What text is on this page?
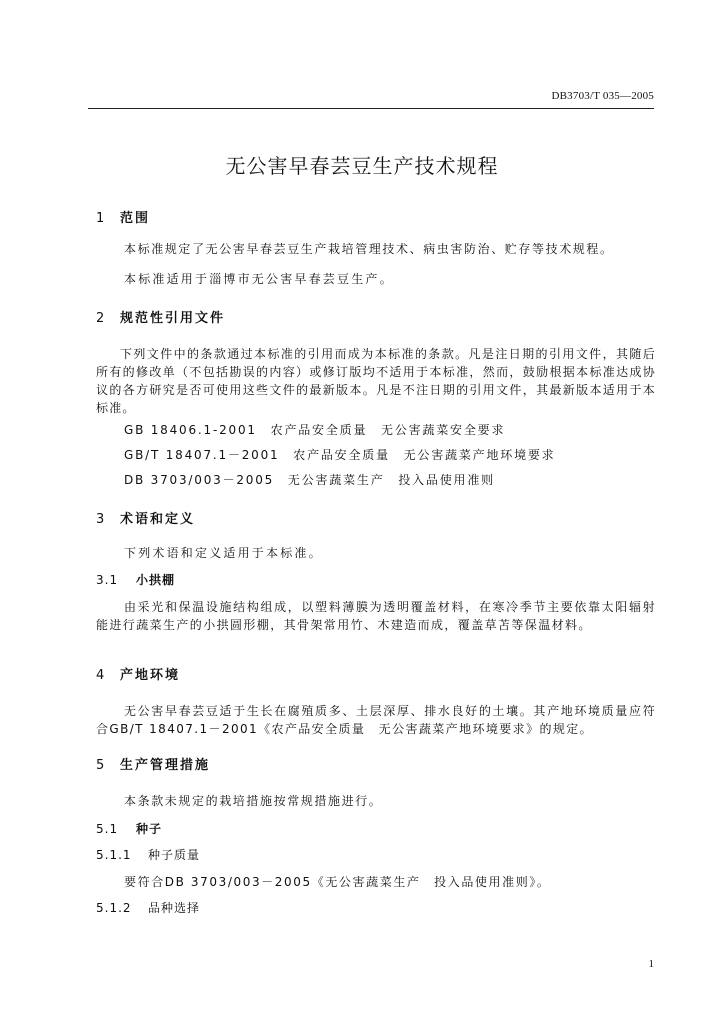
DB3703/T 035—2005
无公害早春芸豆生产技术规程
1 范围
本标准规定了无公害早春芸豆生产栽培管理技术、病虫害防治、贮存等技术规程。
本标准适用于淄博市无公害早春芸豆生产。
2 规范性引用文件
下列文件中的条款通过本标准的引用而成为本标准的条款。凡是注日期的引用文件，其随后所有的修改单（不包括勘误的内容）或修订版均不适用于本标准，然而，鼓励根据本标准达成协议的各方研究是否可使用这些文件的最新版本。凡是不注日期的引用文件，其最新版本适用于本标准。
GB 18406.1-2001　农产品安全质量　无公害蔬菜安全要求
GB/T 18407.1－2001　农产品安全质量　无公害蔬菜产地环境要求
DB 3703/003－2005　无公害蔬菜生产　投入品使用准则
3 术语和定义
下列术语和定义适用于本标准。
3.1 小拱棚
由采光和保温设施结构组成，以塑料薄膜为透明覆盖材料，在寒冷季节主要依靠太阳辐射能进行蔬菜生产的小拱圆形棚，其骨架常用竹、木建造而成，覆盖草苫等保温材料。
4 产地环境
无公害早春芸豆适于生长在腐殖质多、土层深厚、排水良好的土壤。其产地环境质量应符合GB/T 18407.1－2001《农产品安全质量　无公害蔬菜产地环境要求》的规定。
5 生产管理措施
本条款未规定的栽培措施按常规措施进行。
5.1 种子
5.1.1 种子质量
要符合DB 3703/003－2005《无公害蔬菜生产　投入品使用准则》。
5.1.2 品种选择
1
